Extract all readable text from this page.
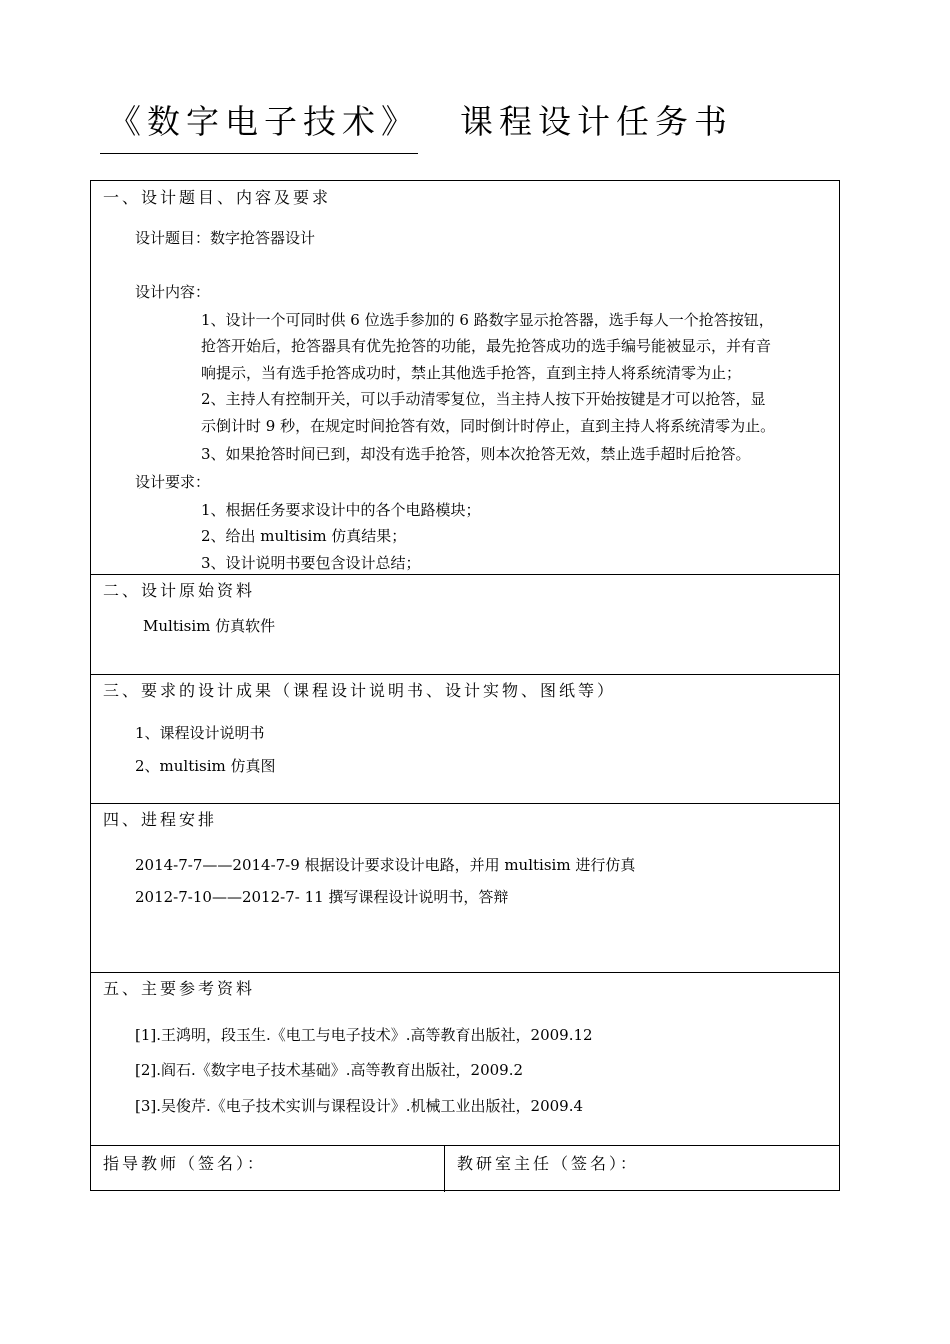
《数字电子技术》 课程设计任务书
一、设计题目、内容及要求
设计题目：数字抢答器设计
设计内容：
1、设计一个可同时供 6 位选手参加的 6 路数字显示抢答器，选手每人一个抢答按钮，
抢答开始后，抢答器具有优先抢答的功能，最先抢答成功的选手编号能被显示，并有音
响提示，当有选手抢答成功时，禁止其他选手抢答，直到主持人将系统清零为止；
2、主持人有控制开关，可以手动清零复位，当主持人按下开始按键是才可以抢答，显
示倒计时 9 秒，在规定时间抢答有效，同时倒计时停止，直到主持人将系统清零为止。
3、如果抢答时间已到，却没有选手抢答，则本次抢答无效，禁止选手超时后抢答。
设计要求：
1、根据任务要求设计中的各个电路模块；
2、给出 multisim 仿真结果；
3、设计说明书要包含设计总结；
二、设计原始资料
Multisim 仿真软件
三、要求的设计成果（课程设计说明书、设计实物、图纸等）
1、课程设计说明书
2、multisim 仿真图
四、进程安排
2014-7-7——2014-7-9 根据设计要求设计电路，并用 multisim 进行仿真
2012-7-10——2012-7- 11 撰写课程设计说明书，答辩
五、主要参考资料
[1].王鸿明，段玉生.《电工与电子技术》.高等教育出版社，2009.12
[2].阎石.《数字电子技术基础》.高等教育出版社，2009.2
[3].吴俊芹.《电子技术实训与课程设计》.机械工业出版社，2009.4
指导教师（签名）：	教研室主任（签名）：
